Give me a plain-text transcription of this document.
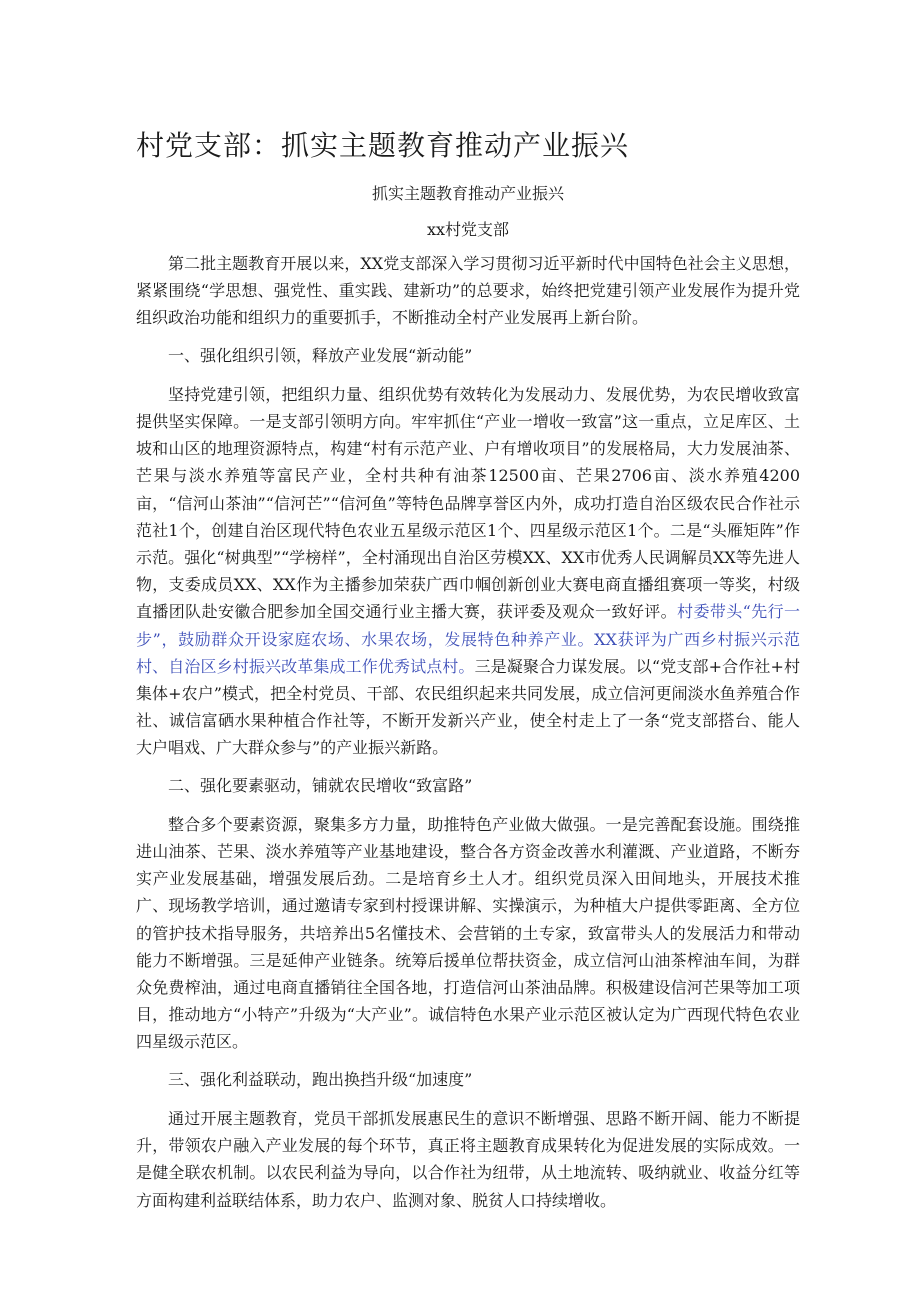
村党支部：抓实主题教育推动产业振兴
抓实主题教育推动产业振兴
xx村党支部

第二批主题教育开展以来，XX党支部深入学习贯彻习近平新时代中国特色社会主义思想，紧紧围绕“学思想、强党性、重实践、建新功”的总要求，始终把党建引领产业发展作为提升党组织政治功能和组织力的重要抓手，不断推动全村产业发展再上新台阶。

一、强化组织引领，释放产业发展“新动能”

坚持党建引领，把组织力量、组织优势有效转化为发展动力、发展优势，为农民增收致富提供坚实保障。一是支部引领明方向。牢牢抓住“产业一增收一致富”这一重点，立足库区、土坡和山区的地理资源特点，构建“村有示范产业、户有增收项目”的发展格局，大力发展油茶、芒果与淡水养殖等富民产业，全村共种有油茶12500亩、芒果2706亩、淡水养殖4200亩，“信河山茶油”“信河芒”“信河鱼”等特色品牌享誉区内外，成功打造自治区级农民合作社示范社1个，创建自治区现代特色农业五星级示范区1个、四星级示范区1个。二是“头雁矩阵”作示范。强化“树典型”“学榜样”，全村涌现出自治区劳模XX、XX市优秀人民调解员XX等先进人物，支委成员XX、XX作为主播参加荣获广西巾帼创新创业大赛电商直播组赛项一等奖，村级直播团队赴安徽合肥参加全国交通行业主播大赛，获评委及观众一致好评。村委带头“先行一步”，鼓励群众开设家庭农场、水果农场，发展特色种养产业。XX获评为广西乡村振兴示范村、自治区乡村振兴改革集成工作优秀试点村。三是凝聚合力谋发展。以“党支部+合作社+村集体+农户”模式，把全村党员、干部、农民组织起来共同发展，成立信河更闹淡水鱼养殖合作社、诚信富硒水果种植合作社等，不断开发新兴产业，使全村走上了一条“党支部搭台、能人大户唱戏、广大群众参与”的产业振兴新路。

二、强化要素驱动，铺就农民增收“致富路”

整合多个要素资源，聚集多方力量，助推特色产业做大做强。一是完善配套设施。围绕推进山油茶、芒果、淡水养殖等产业基地建设，整合各方资金改善水利灌溉、产业道路，不断夯实产业发展基础，增强发展后劲。二是培育乡土人才。组织党员深入田间地头，开展技术推广、现场教学培训，通过邀请专家到村授课讲解、实操演示，为种植大户提供零距离、全方位的管护技术指导服务，共培养出5名懂技术、会营销的土专家，致富带头人的发展活力和带动能力不断增强。三是延伸产业链条。统筹后援单位帮扶资金，成立信河山油茶榨油车间，为群众免费榨油，通过电商直播销往全国各地，打造信河山茶油品牌。积极建设信河芒果等加工项目，推动地方“小特产”升级为“大产业”。诚信特色水果产业示范区被认定为广西现代特色农业四星级示范区。

三、强化利益联动，跑出换挡升级“加速度”

通过开展主题教育，党员干部抓发展惠民生的意识不断增强、思路不断开阔、能力不断提升，带领农户融入产业发展的每个环节，真正将主题教育成果转化为促进发展的实际成效。一是健全联农机制。以农民利益为导向，以合作社为纽带，从土地流转、吸纳就业、收益分红等方面构建利益联结体系，助力农户、监测对象、脱贫人口持续增收。
